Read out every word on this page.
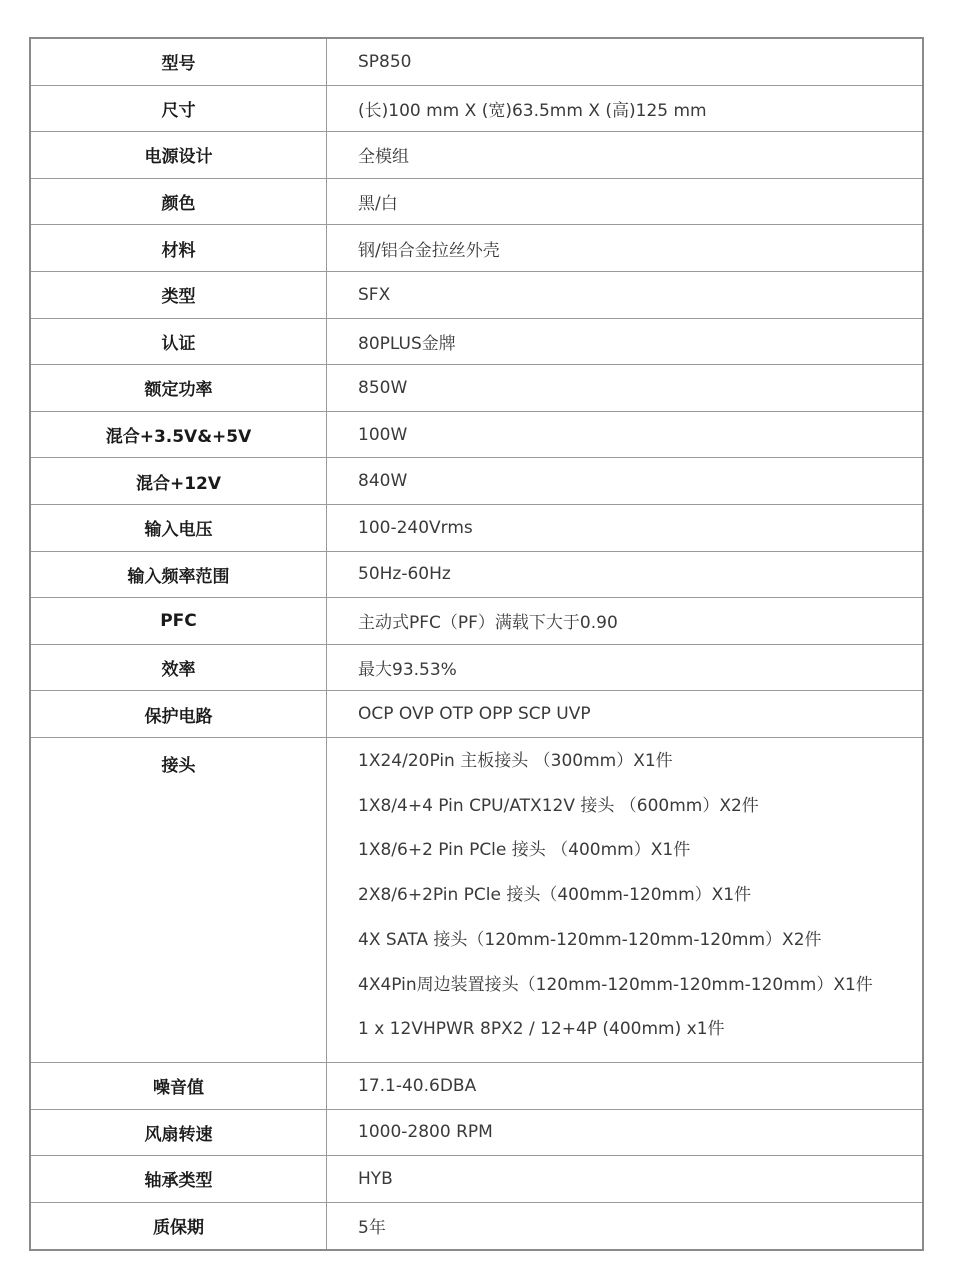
型号	SP850
尺寸	(长)100 mm X (宽)63.5mm X (高)125 mm
电源设计	全模组
颜色	黑/白
材料	钢/铝合金拉丝外壳
类型	SFX
认证	80PLUS金牌
额定功率	850W
混合+3.5V&+5V	100W
混合+12V	840W
输入电压	100-240Vrms
输入频率范围	50Hz-60Hz
PFC	主动式PFC（PF）满载下大于0.90
效率	最大93.53%
保护电路	OCP OVP OTP OPP SCP UVP
接头	1X24/20Pin 主板接头 （300mm）X1件
1X8/4+4 Pin CPU/ATX12V 接头 （600mm）X2件
1X8/6+2 Pin PCle 接头 （400mm）X1件
2X8/6+2Pin PCle 接头（400mm-120mm）X1件
4X SATA 接头（120mm-120mm-120mm-120mm）X2件
4X4Pin周边装置接头（120mm-120mm-120mm-120mm）X1件
1 x 12VHPWR 8PX2 / 12+4P (400mm) x1件
噪音值	17.1-40.6DBA
风扇转速	1000-2800 RPM
轴承类型	HYB
质保期	5年
